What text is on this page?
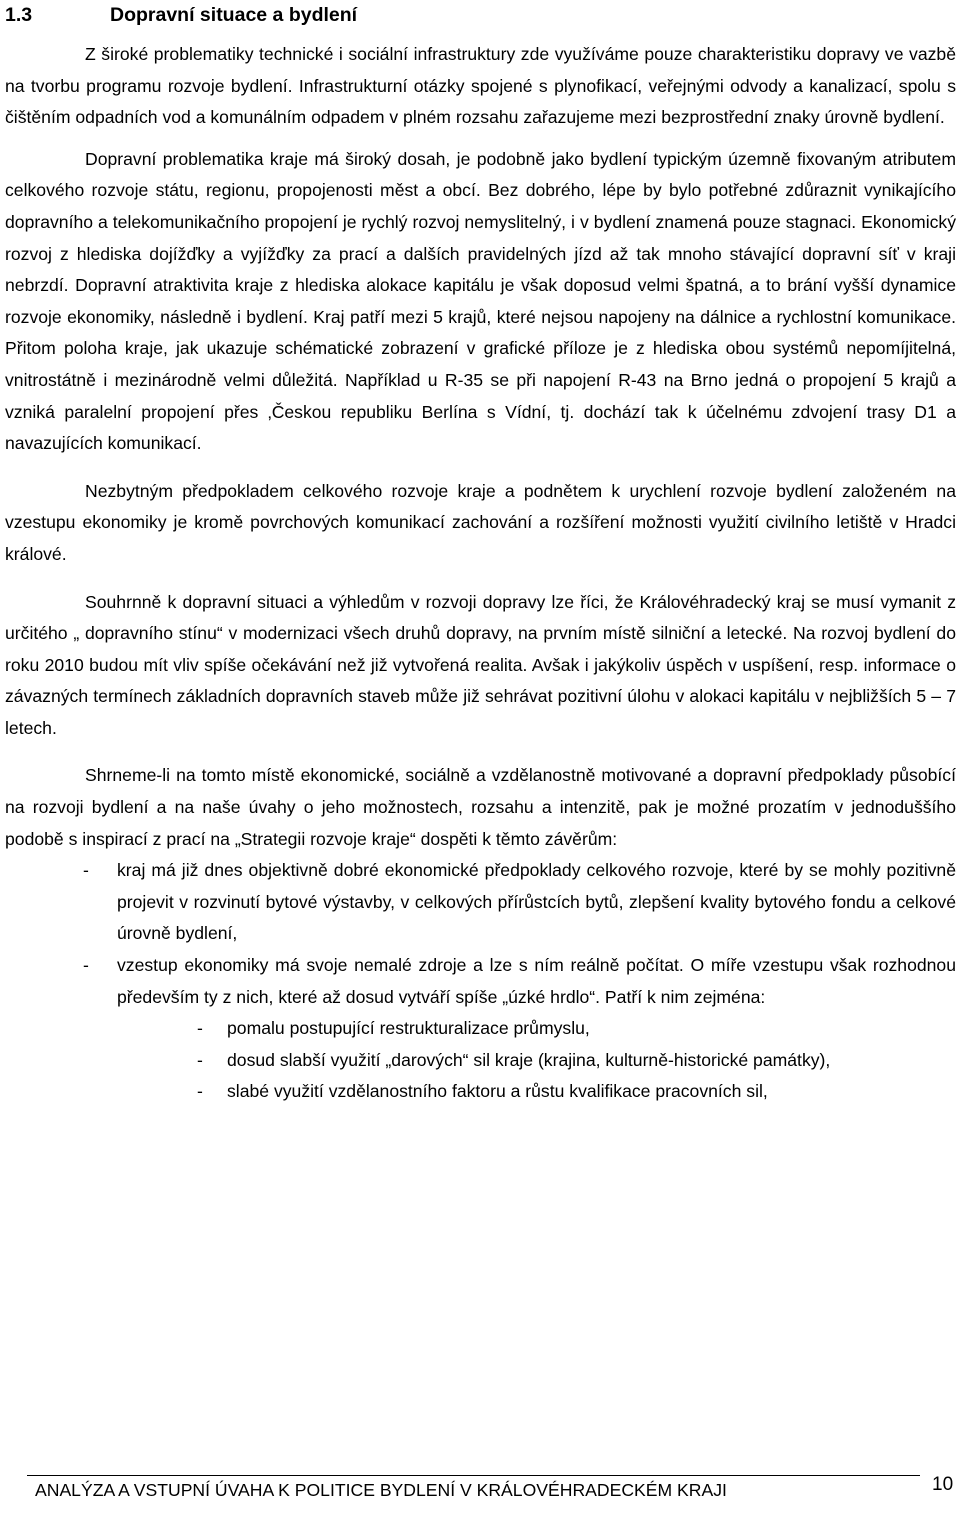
1.3	Dopravní situace a bydlení

Z široké problematiky technické i sociální infrastruktury zde využíváme pouze charakteristiku dopravy ve vazbě na tvorbu programu rozvoje bydlení. Infrastrukturní otázky spojené s plynofikací, veřejnými odvody a kanalizací, spolu s čištěním odpadních vod a komunálním odpadem v plném rozsahu zařazujeme mezi bezprostřední znaky úrovně bydlení.

Dopravní problematika kraje má široký dosah, je podobně jako bydlení typickým územně fixovaným atributem celkového rozvoje státu, regionu, propojenosti měst a obcí. Bez dobrého, lépe by bylo potřebné zdůraznit vynikajícího dopravního a telekomunikačního propojení je rychlý rozvoj nemyslitelný, i v bydlení znamená pouze stagnaci. Ekonomický rozvoj z hlediska dojížďky a vyjížďky za prací a dalších pravidelných jízd až tak mnoho stávající dopravní síť v kraji nebrzdí. Dopravní atraktivita kraje z hlediska alokace kapitálu je však doposud velmi špatná, a to brání vyšší dynamice rozvoje ekonomiky, následně i bydlení. Kraj patří mezi 5 krajů, které nejsou napojeny na dálnice a rychlostní komunikace. Přitom poloha kraje, jak ukazuje schématické zobrazení v grafické příloze je z hlediska obou systémů nepomíjitelná, vnitrostátně i mezinárodně velmi důležitá. Například u R-35 se při napojení R-43 na Brno jedná o propojení 5 krajů a vzniká paralelní propojení přes ‚Českou republiku Berlína s Vídní, tj. dochází tak k účelnému zdvojení trasy D1 a navazujících komunikací.

Nezbytným předpokladem celkového rozvoje kraje a podnětem k urychlení rozvoje bydlení založeném na vzestupu ekonomiky je kromě povrchových komunikací zachování a rozšíření možnosti využití civilního letiště v Hradci králové.

Souhrnně k dopravní situaci a výhledům v rozvoji dopravy lze říci, že Královéhradecký kraj se musí vymanit z určitého „ dopravního stínu“ v modernizaci všech druhů dopravy, na prvním místě silniční a letecké. Na rozvoj bydlení do roku 2010 budou mít vliv spíše očekávání než již vytvořená realita. Avšak i jakýkoliv úspěch v uspíšení, resp. informace o závazných termínech základních dopravních staveb může již sehrávat pozitivní úlohu v alokaci kapitálu v nejbližších 5 – 7 letech.

Shrneme-li na tomto místě ekonomické, sociálně a vzdělanostně motivované a dopravní předpoklady působící na rozvoji bydlení a na naše úvahy o jeho možnostech, rozsahu a intenzitě, pak je možné prozatím v jednoduššího podobě s inspirací z prací na „Strategii rozvoje kraje“ dospěti k těmto závěrům:

- kraj má již dnes objektivně dobré ekonomické předpoklady celkového rozvoje, které by se mohly pozitivně projevit v rozvinutí bytové výstavby, v celkových přírůstcích bytů, zlepšení kvality bytového fondu a celkové úrovně bydlení,
- vzestup ekonomiky má svoje nemalé zdroje a lze s ním reálně počítat. O míře vzestupu však rozhodnou především ty z nich, které až dosud vytváří spíše „úzké hrdlo“. Patří k nim zejména:
- pomalu postupující restrukturalizace průmyslu,
- dosud slabší využití „darových“ sil kraje (krajina, kulturně-historické památky),
- slabé využití vzdělanostního faktoru a růstu kvalifikace pracovních sil,
ANALÝZA A VSTUPNÍ ÚVAHA K POLITICE BYDLENÍ V KRÁLOVÉHRADECKÉM KRAJI	10
